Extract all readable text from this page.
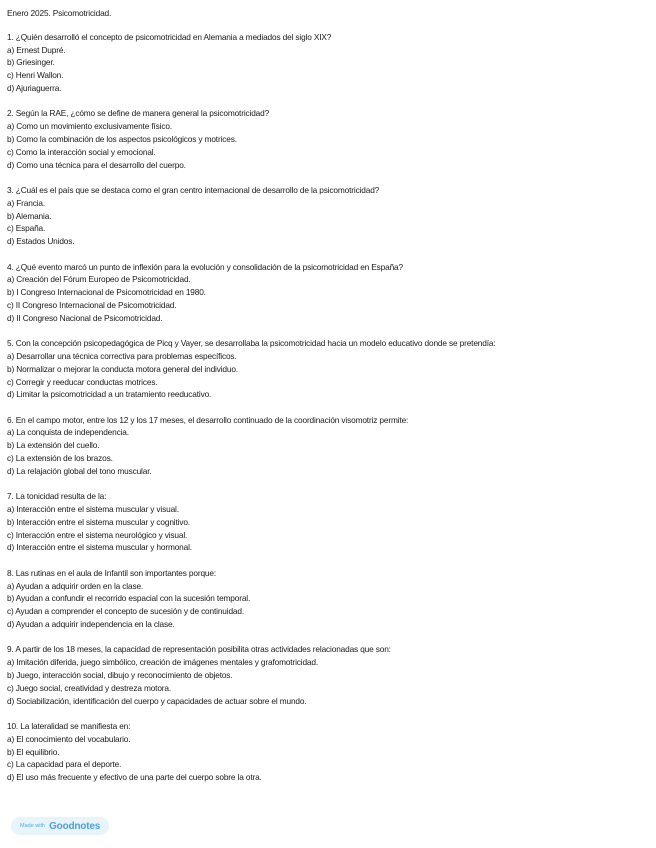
Enero 2025. Psicomotricidad.

1. ¿Quién desarrolló el concepto de psicomotricidad en Alemania a mediados del siglo XIX?

a) Ernest Dupré.

b) Griesinger.

c) Henri Wallon.

d) Ajuriaguerra.

2. Según la RAE, ¿cómo se define de manera general la psicomotricidad?

a) Como un movimiento exclusivamente físico.

b) Como la combinación de los aspectos psicológicos y motrices.

c) Como la interacción social y emocional.

d) Como una técnica para el desarrollo del cuerpo.

3. ¿Cuál es el país que se destaca como el gran centro internacional de desarrollo de la psicomotricidad?

a) Francia.

b) Alemania.

c) España.

d) Estados Unidos.

4. ¿Qué evento marcó un punto de inflexión para la evolución y consolidación de la psicomotricidad en España?

a) Creación del Fórum Europeo de Psicomotricidad.

b) I Congreso Internacional de Psicomotricidad en 1980.

c) II Congreso Internacional de Psicomotricidad.

d) II Congreso Nacional de Psicomotricidad.

5. Con la concepción psicopedagógica de Picq y Vayer, se desarrollaba la psicomotricidad hacia un modelo educativo donde se pretendía:

a) Desarrollar una técnica correctiva para problemas específicos.

b) Normalizar o mejorar la conducta motora general del individuo.

c) Corregir y reeducar conductas motrices.

d) Limitar la psicomotricidad a un tratamiento reeducativo.

6. En el campo motor, entre los 12 y los 17 meses, el desarrollo continuado de la coordinación visomotriz permite:

a) La conquista de independencia.

b) La extensión del cuello.

c) La extensión de los brazos.

d) La relajación global del tono muscular.

7. La tonicidad resulta de la:

a) Interacción entre el sistema muscular y visual.

b) Interacción entre el sistema muscular y cognitivo.

c) Interacción entre el sistema neurológico y visual.

d) Interacción entre el sistema muscular y hormonal.

8. Las rutinas en el aula de Infantil son importantes porque:

a) Ayudan a adquirir orden en la clase.

b) Ayudan a confundir el recorrido espacial con la sucesión temporal.

c) Ayudan a comprender el concepto de sucesión y de continuidad.

d) Ayudan a adquirir independencia en la clase.

9. A partir de los 18 meses, la capacidad de representación posibilita otras actividades relacionadas que son:

a) Imitación diferida, juego simbólico, creación de imágenes mentales y grafomotricidad.

b) Juego, interacción social, dibujo y reconocimiento de objetos.

c) Juego social, creatividad y destreza motora.

d) Sociabilización, identificación del cuerpo y capacidades de actuar sobre el mundo.

10. La lateralidad se manifiesta en:

a) El conocimiento del vocabulario.

b) El equilibrio.

c) La capacidad para el deporte.

d) El uso más frecuente y efectivo de una parte del cuerpo sobre la otra.

Made with Goodnotes
